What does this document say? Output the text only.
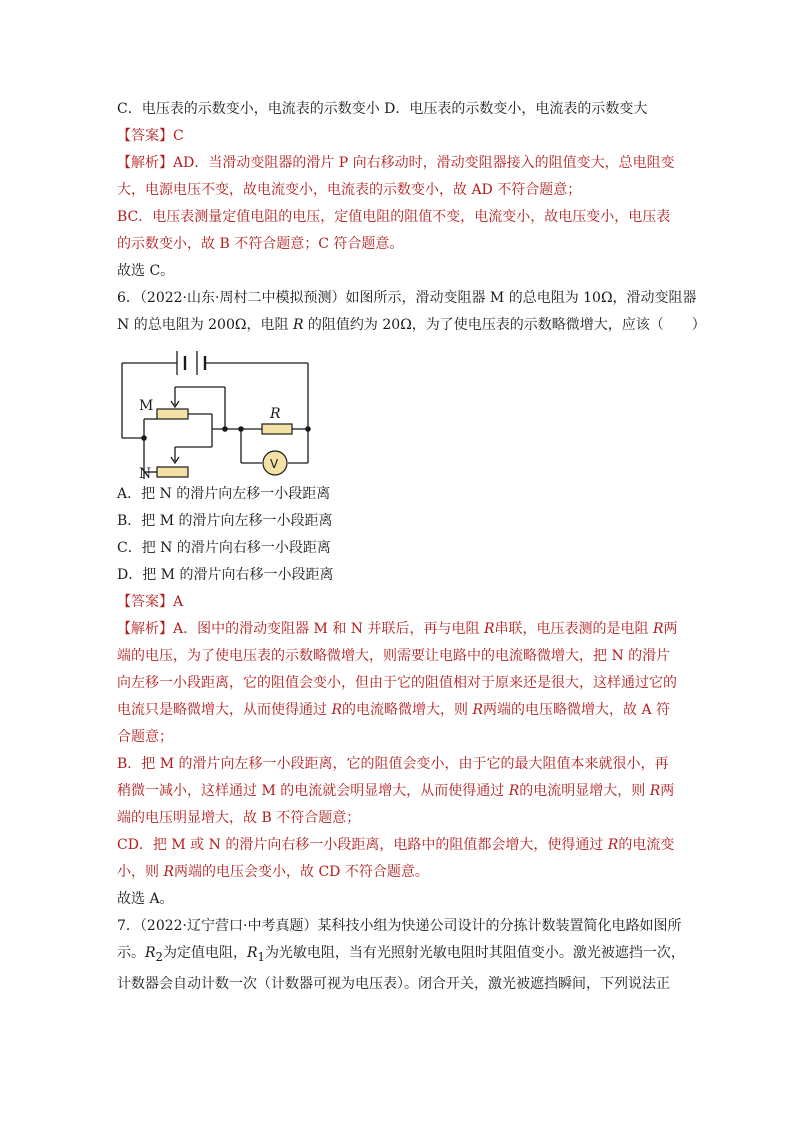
C．电压表的示数变小，电流表的示数变小 D．电压表的示数变小，电流表的示数变大
【答案】C
【解析】AD．当滑动变阻器的滑片 P 向右移动时，滑动变阻器接入的阻值变大，总电阻变
大，电源电压不变，故电流变小，电流表的示数变小，故 AD 不符合题意；
BC．电压表测量定值电阻的电压，定值电阻的阻值不变，电流变小，故电压变小，电压表
的示数变小，故 B 不符合题意；C 符合题意。
故选 C。
6．（2022·山东·周村二中模拟预测）如图所示，滑动变阻器 M 的总电阻为 10Ω，滑动变阻器
N 的总电阻为 200Ω，电阻 R 的阻值约为 20Ω，为了使电压表的示数略微增大，应该（　　）
M
N
R
V
A．把 N 的滑片向左移一小段距离
B．把 M 的滑片向左移一小段距离
C．把 N 的滑片向右移一小段距离
D．把 M 的滑片向右移一小段距离
【答案】A
【解析】A．图中的滑动变阻器 M 和 N 并联后，再与电阻 R串联，电压表测的是电阻 R两
端的电压，为了使电压表的示数略微增大，则需要让电路中的电流略微增大，把 N 的滑片
向左移一小段距离，它的阻值会变小，但由于它的阻值相对于原来还是很大，这样通过它的
电流只是略微增大，从而使得通过 R的电流略微增大，则 R两端的电压略微增大，故 A 符
合题意；
B．把 M 的滑片向左移一小段距离，它的阻值会变小，由于它的最大阻值本来就很小，再
稍微一减小，这样通过 M 的电流就会明显增大，从而使得通过 R的电流明显增大，则 R两
端的电压明显增大，故 B 不符合题意；
CD．把 M 或 N 的滑片向右移一小段距离，电路中的阻值都会增大，使得通过 R的电流变
小，则 R两端的电压会变小，故 CD 不符合题意。
故选 A。
7．（2022·辽宁营口·中考真题）某科技小组为快递公司设计的分拣计数装置简化电路如图所
示。$R_2$为定值电阻，$R_1$为光敏电阻，当有光照射光敏电阻时其阻值变小。激光被遮挡一次，
计数器会自动计数一次（计数器可视为电压表）。闭合开关，激光被遮挡瞬间，下列说法正
